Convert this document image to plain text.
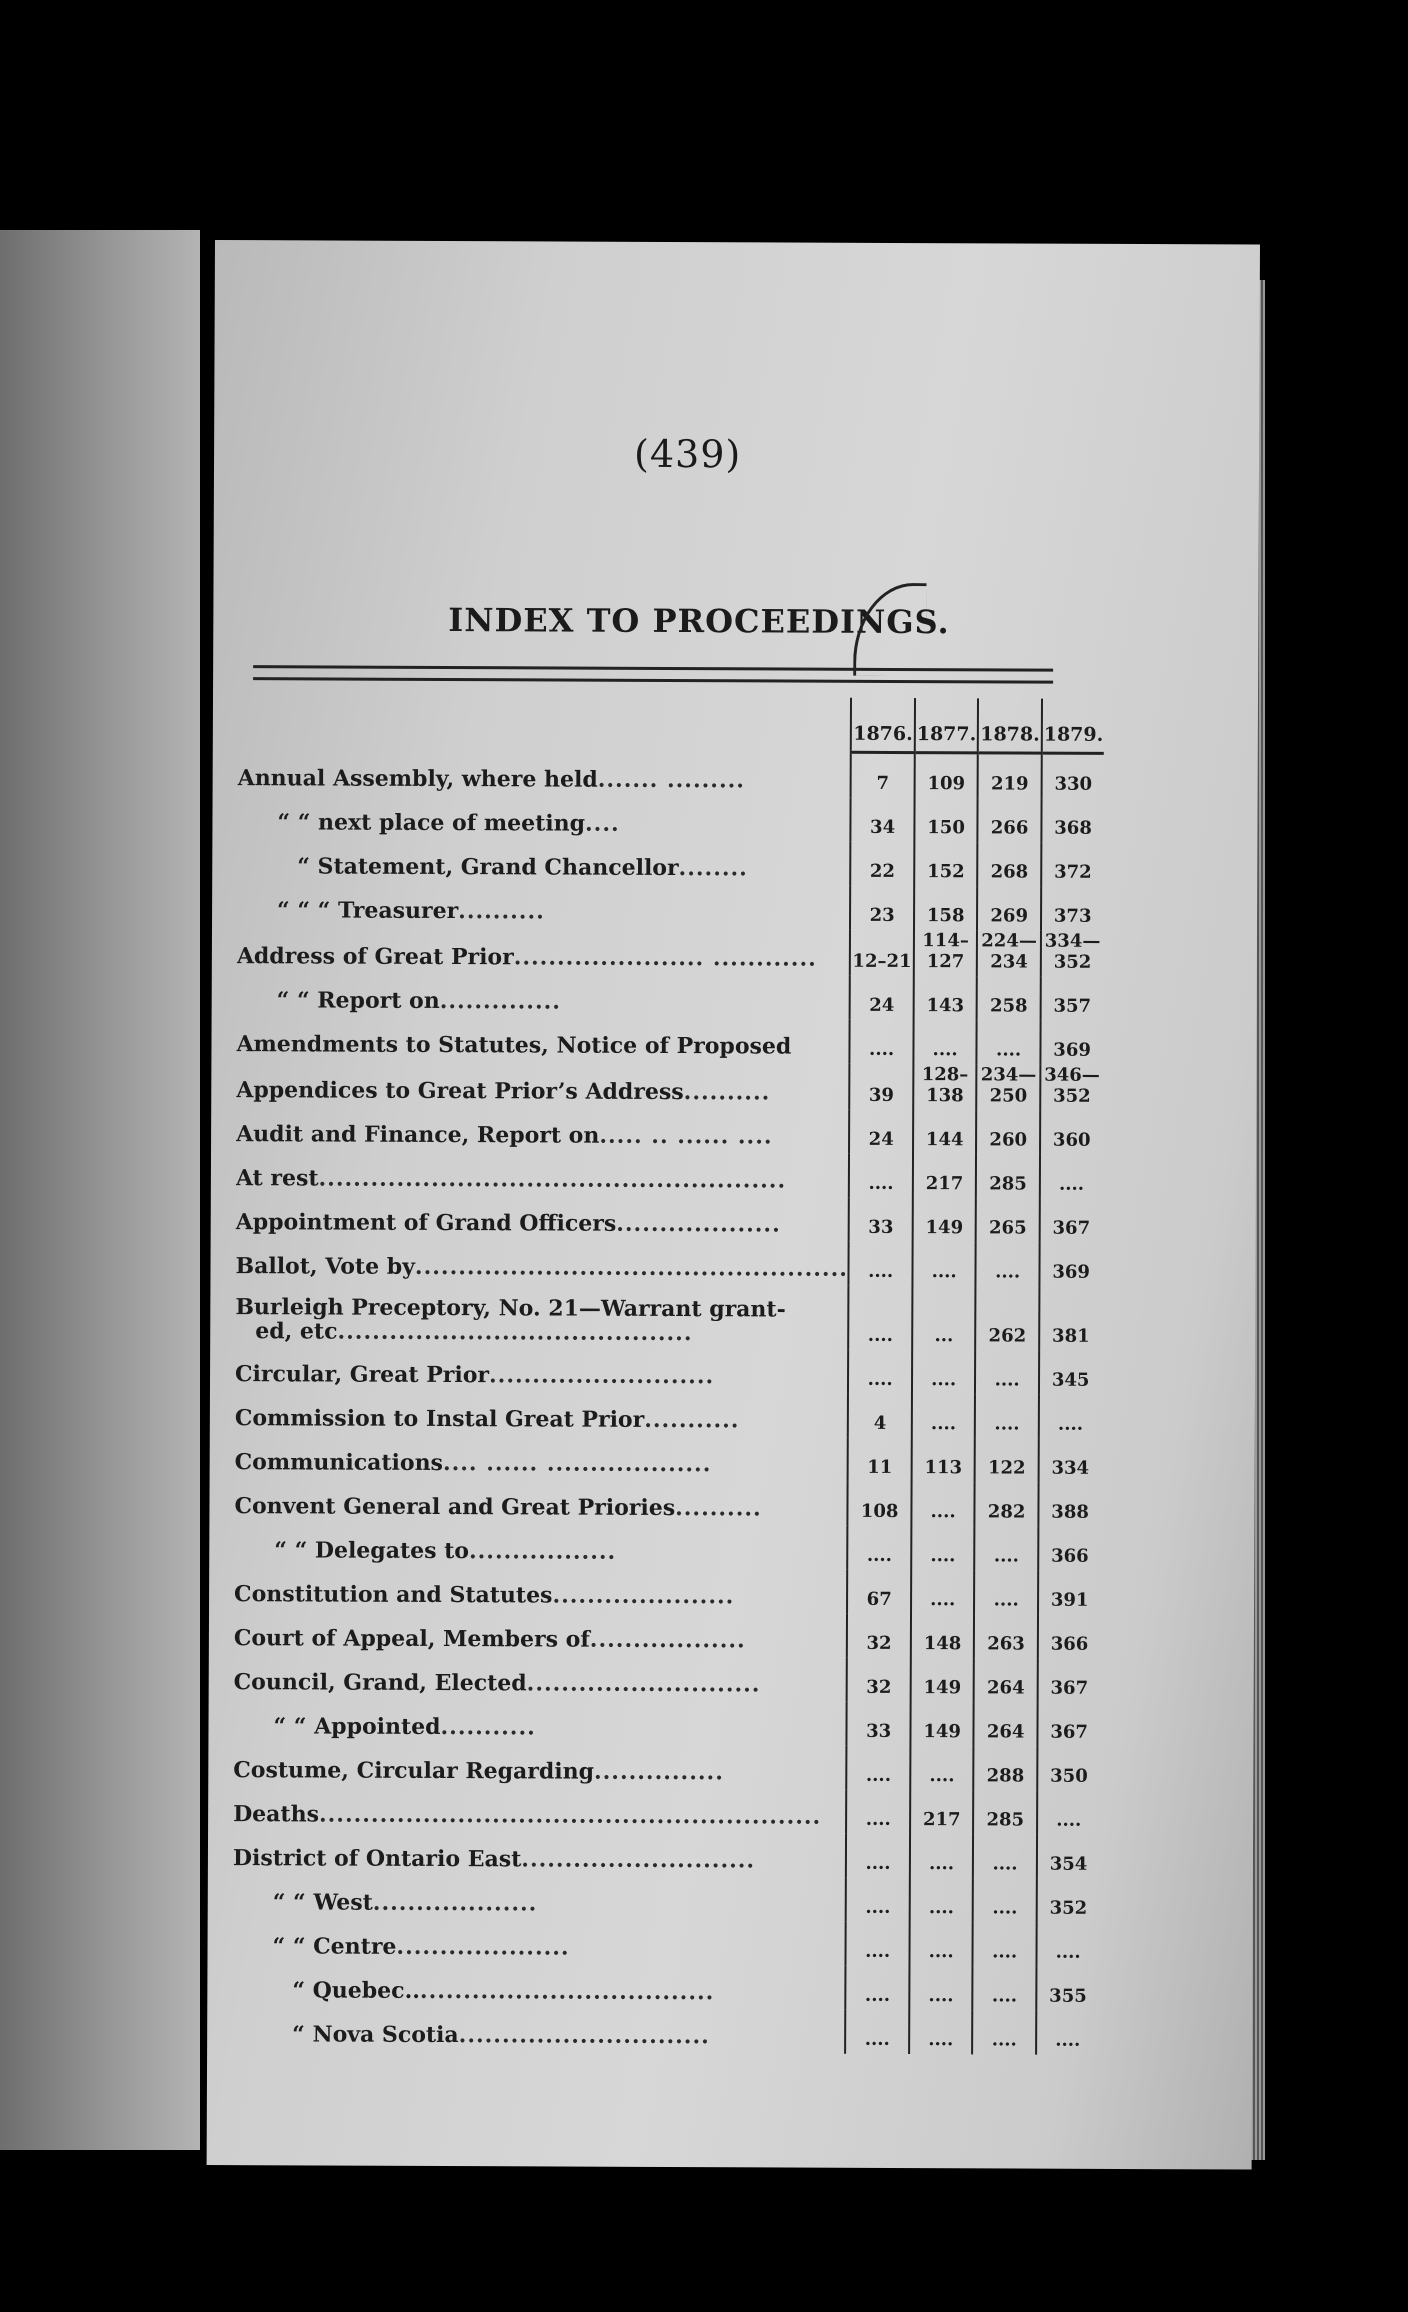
(439)
INDEX TO PROCEEDINGS.
	1876.	1877.	1878.	1879.
Annual Assembly, where held....... .........	7	109	219	330
“ “ next place of meeting....	34	150	266	368
“ Statement, Grand Chancellor........	22	152	268	372
“ “ “ Treasurer..........	23	158	269	373
Address of Great Prior...................... ............	12–21	114–127	224—234	334—352
“ “ Report on..............	24	143	258	357
Amendments to Statutes, Notice of Proposed	....	....	....	369
Appendices to Great Prior’s Address..........	39	128–138	234—250	346—352
Audit and Finance, Report on..... .. ...... ....	24	144	260	360
At rest......................................................	....	217	285	....
Appointment of Grand Officers...................	33	149	265	367
Ballot, Vote by..................................................	....	....	....	369
Burleigh Preceptory, No. 21—Warrant grant-
ed, etc.........................................	....	...	262	381
Circular, Great Prior..........................	....	....	....	345
Commission to Instal Great Prior...........	4	....	....	....
Communications.... ...... ...................	11	113	122	334
Convent General and Great Priories..........	108	....	282	388
“ “ Delegates to.................	....	....	....	366
Constitution and Statutes.....................	67	....	....	391
Court of Appeal, Members of..................	32	148	263	366
Council, Grand, Elected...........................	32	149	264	367
“ “ Appointed...........	33	149	264	367
Costume, Circular Regarding...............	....	....	288	350
Deaths..........................................................	....	217	285	....
District of Ontario East...........................	....	....	....	354
“ “ West...................	....	....	....	352
“ “ Centre....................	....	....	....	....
“ Quebec....................................	....	....	....	355
“ Nova Scotia.............................	....	....	....	....
